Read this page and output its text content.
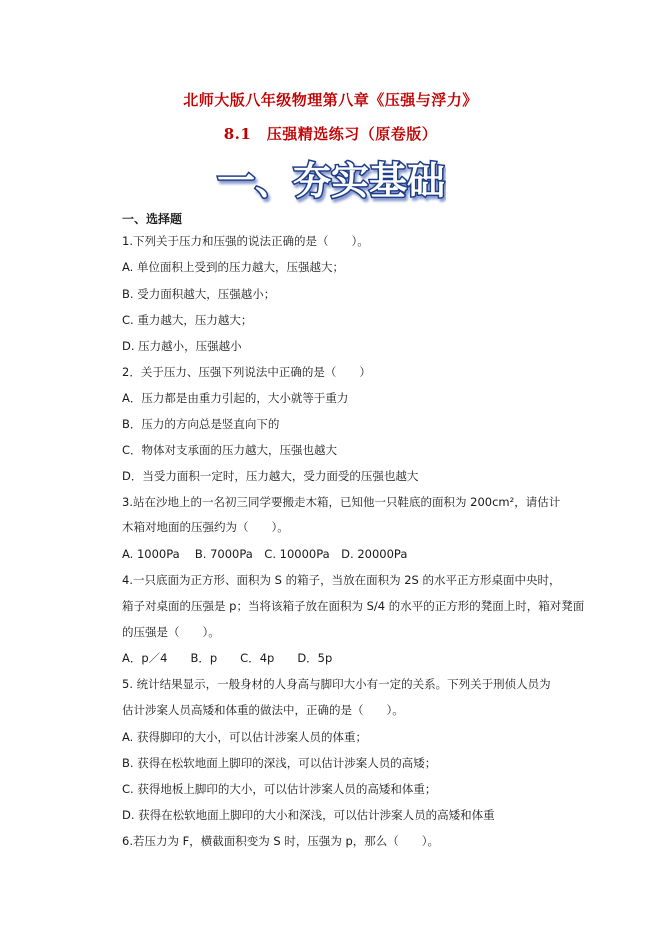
北师大版八年级物理第八章《压强与浮力》
8.1　压强精选练习（原卷版）
一、夯实基础
一、选择题
1.下列关于压力和压强的说法正确的是（　　）。
A. 单位面积上受到的压力越大，压强越大；
B. 受力面积越大，压强越小；
C. 重力越大，压力越大；
D. 压力越小，压强越小
2．关于压力、压强下列说法中正确的是（　　）
A．压力都是由重力引起的，大小就等于重力
B．压力的方向总是竖直向下的
C．物体对支承面的压力越大，压强也越大
D．当受力面积一定时，压力越大，受力面受的压强也越大
3.站在沙地上的一名初三同学要搬走木箱，已知他一只鞋底的面积为 200cm²，请估计
木箱对地面的压强约为（　　）。
A. 1000Pa　 B. 7000Pa　C. 10000Pa　D. 20000Pa
4.一只底面为正方形、面积为 S 的箱子，当放在面积为 2S 的水平正方形桌面中央时，
箱子对桌面的压强是 p；当将该箱子放在面积为 S/4 的水平的正方形的凳面上时，箱对凳面
的压强是（　　）。
A．p／4　　B．p　　C．4p　　D．5p
5. 统计结果显示，一般身材的人身高与脚印大小有一定的关系。下列关于刑侦人员为
估计涉案人员高矮和体重的做法中，正确的是（　　）。
A. 获得脚印的大小，可以估计涉案人员的体重；
B. 获得在松软地面上脚印的深浅，可以估计涉案人员的高矮；
C. 获得地板上脚印的大小，可以估计涉案人员的高矮和体重；
D. 获得在松软地面上脚印的大小和深浅，可以估计涉案人员的高矮和体重
6.若压力为 F，横截面积变为 S 时，压强为 p，那么（　　）。
